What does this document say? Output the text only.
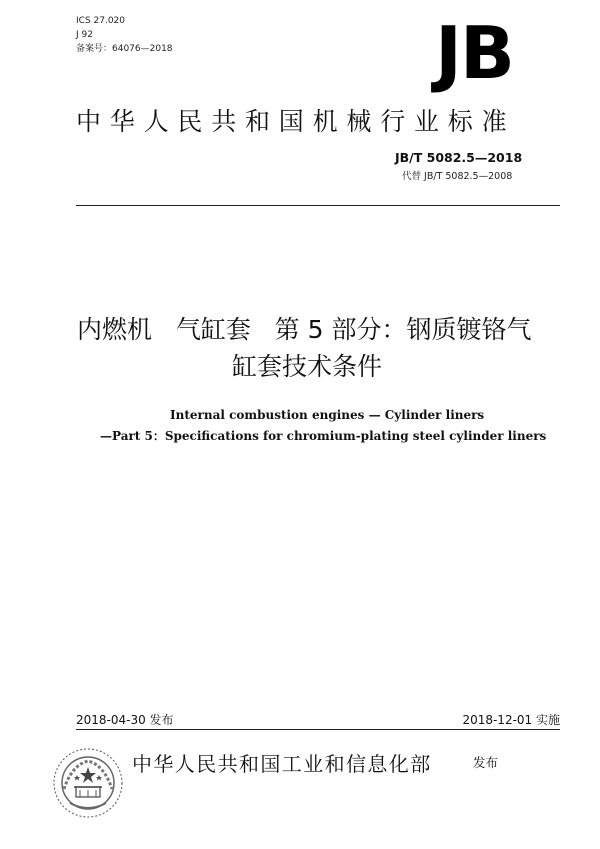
ICS 27.020
J 92
备案号：64076—2018	JB
中华人民共和国机械行业标准
JB/T 5082.5—2018
代替 JB/T 5082.5—2008
内燃机   气缸套   第 5 部分：钢质镀铬气
缸套技术条件
Internal combustion engines — Cylinder liners
—Part 5：Specifications for chromium-plating steel cylinder liners
2018-04-30 发布	2018-12-01 实施
中华人民共和国工业和信息化部	发布
